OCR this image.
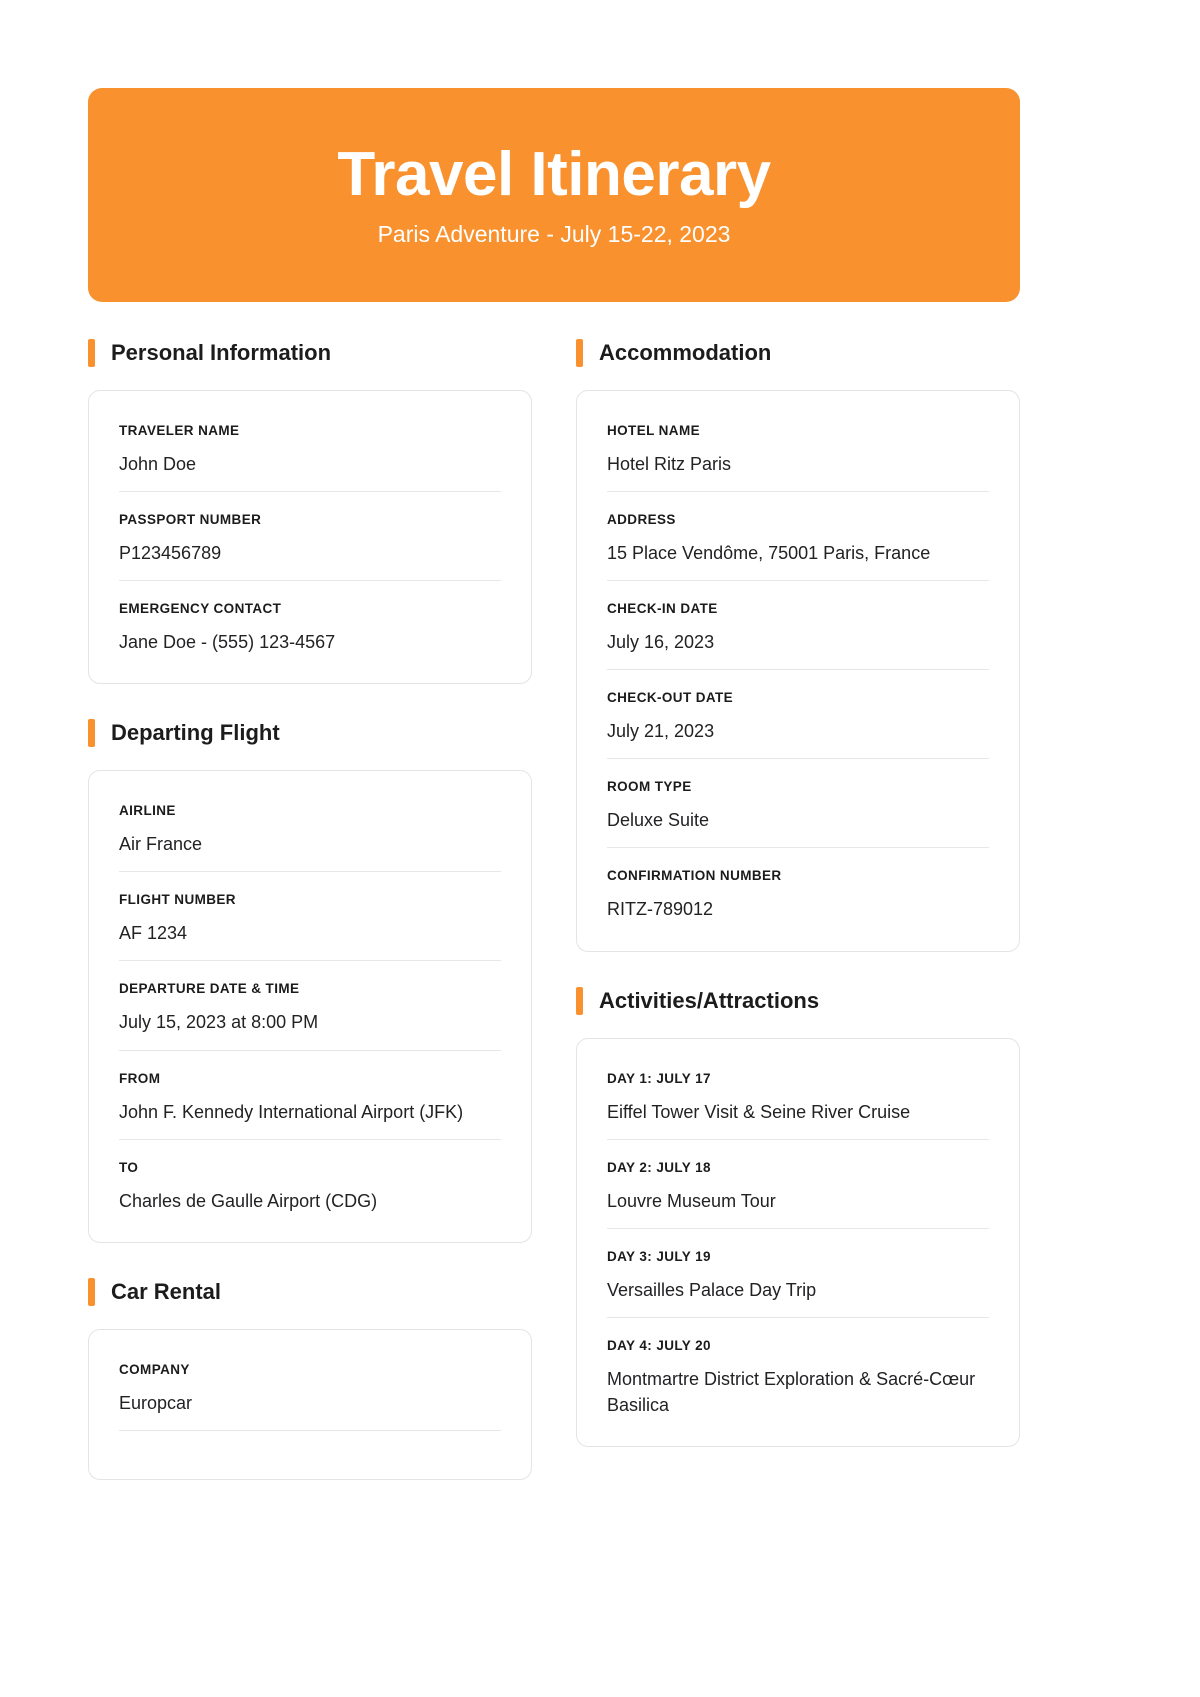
Travel Itinerary
Paris Adventure - July 15-22, 2023
Personal Information
TRAVELER NAME
John Doe
PASSPORT NUMBER
P123456789
EMERGENCY CONTACT
Jane Doe - (555) 123-4567
Departing Flight
AIRLINE
Air France
FLIGHT NUMBER
AF 1234
DEPARTURE DATE & TIME
July 15, 2023 at 8:00 PM
FROM
John F. Kennedy International Airport (JFK)
TO
Charles de Gaulle Airport (CDG)
Car Rental
COMPANY
Europcar
Accommodation
HOTEL NAME
Hotel Ritz Paris
ADDRESS
15 Place Vendôme, 75001 Paris, France
CHECK-IN DATE
July 16, 2023
CHECK-OUT DATE
July 21, 2023
ROOM TYPE
Deluxe Suite
CONFIRMATION NUMBER
RITZ-789012
Activities/Attractions
DAY 1: JULY 17
Eiffel Tower Visit & Seine River Cruise
DAY 2: JULY 18
Louvre Museum Tour
DAY 3: JULY 19
Versailles Palace Day Trip
DAY 4: JULY 20
Montmartre District Exploration & Sacré-Cœur Basilica
